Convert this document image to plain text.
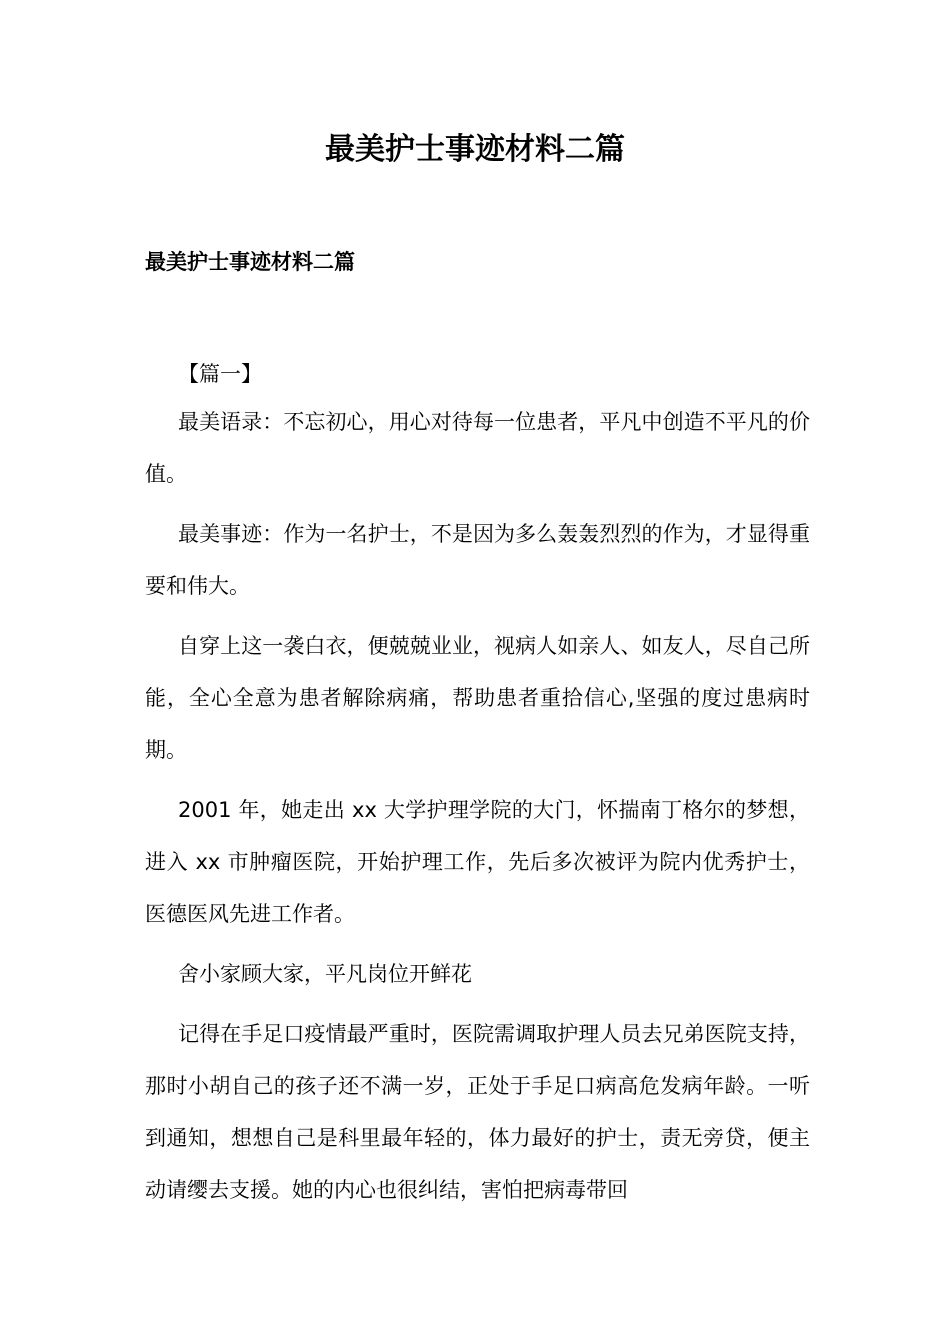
最美护士事迹材料二篇
最美护士事迹材料二篇

【篇一】

最美语录：不忘初心，用心对待每一位患者，平凡中创造不平凡的价值。

最美事迹：作为一名护士，不是因为多么轰轰烈烈的作为，才显得重要和伟大。

自穿上这一袭白衣，便兢兢业业，视病人如亲人、如友人，尽自己所能，全心全意为患者解除病痛，帮助患者重拾信心,坚强的度过患病时期。

2001 年，她走出 xx 大学护理学院的大门，怀揣南丁格尔的梦想，进入 xx 市肿瘤医院，开始护理工作，先后多次被评为院内优秀护士，医德医风先进工作者。

舍小家顾大家，平凡岗位开鲜花

记得在手足口疫情最严重时，医院需调取护理人员去兄弟医院支持，那时小胡自己的孩子还不满一岁，正处于手足口病高危发病年龄。一听到通知，想想自己是科里最年轻的，体力最好的护士，责无旁贷，便主动请缨去支援。她的内心也很纠结，害怕把病毒带回
